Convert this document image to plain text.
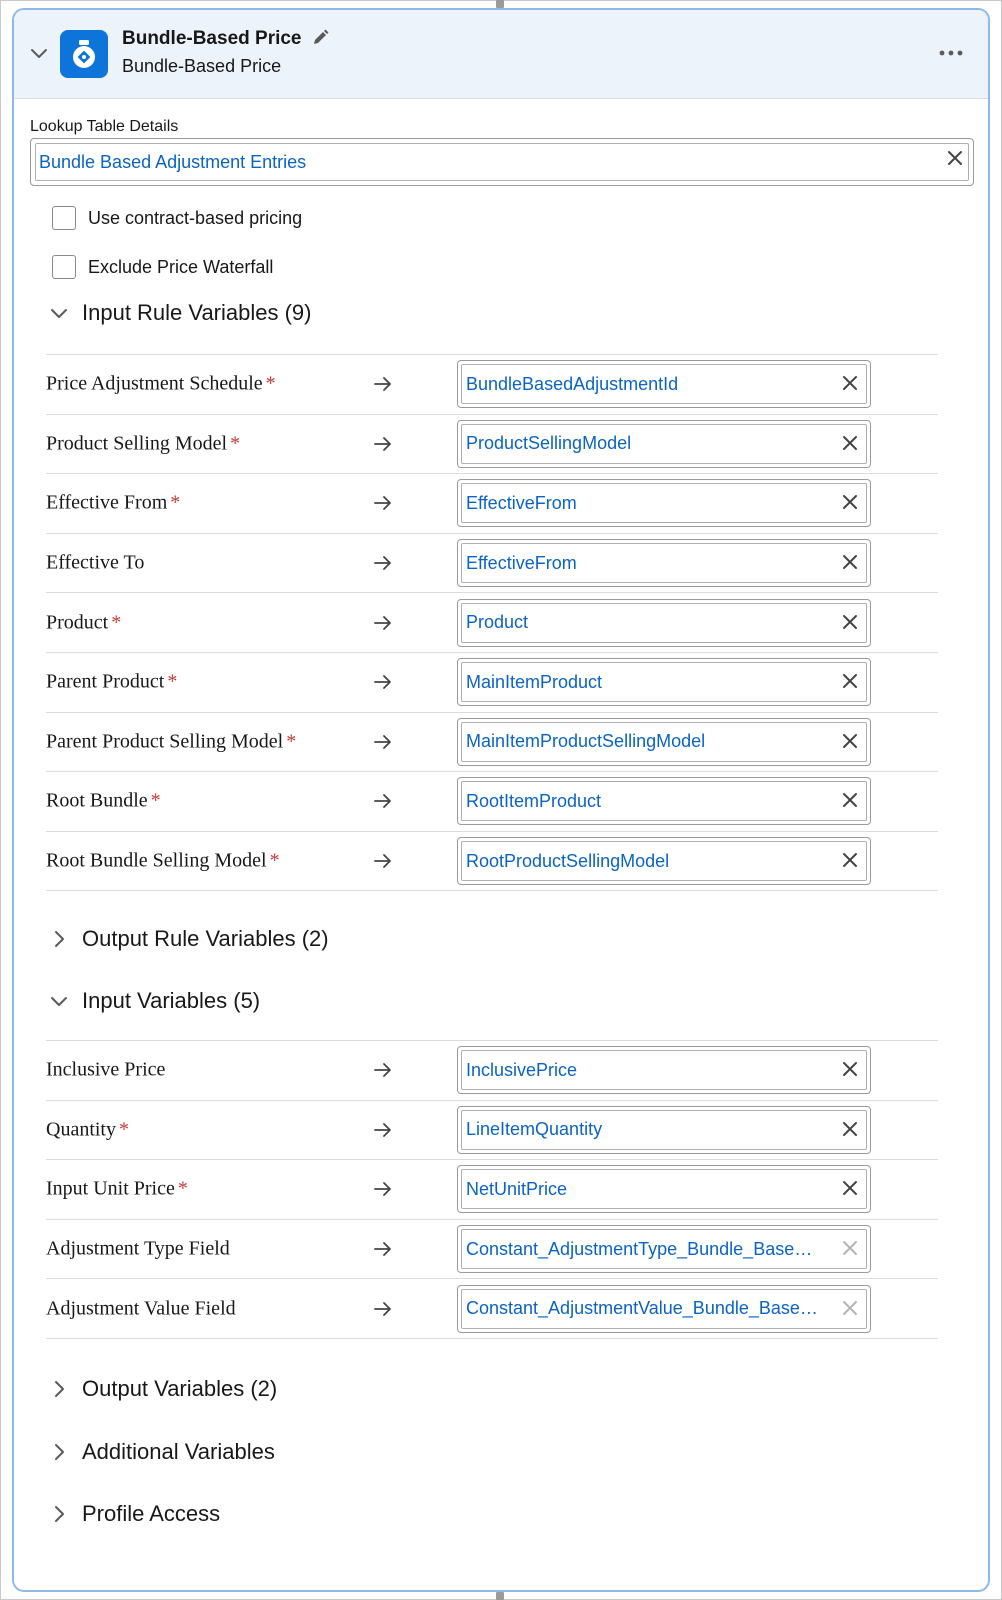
Bundle-Based Price
Bundle-Based Price
Lookup Table Details
Bundle Based Adjustment Entries
Use contract-based pricing
Exclude Price Waterfall
Input Rule Variables (9)
Price Adjustment Schedule *	BundleBasedAdjustmentId
Product Selling Model *	ProductSellingModel
Effective From *	EffectiveFrom
Effective To	EffectiveFrom
Product *	Product
Parent Product *	MainItemProduct
Parent Product Selling Model *	MainItemProductSellingModel
Root Bundle *	RootItemProduct
Root Bundle Selling Model *	RootProductSellingModel
Output Rule Variables (2)
Input Variables (5)
Inclusive Price	InclusivePrice
Quantity *	LineItemQuantity
Input Unit Price *	NetUnitPrice
Adjustment Type Field	Constant_AdjustmentType_Bundle_Base…
Adjustment Value Field	Constant_AdjustmentValue_Bundle_Base…
Output Variables (2)
Additional Variables
Profile Access
